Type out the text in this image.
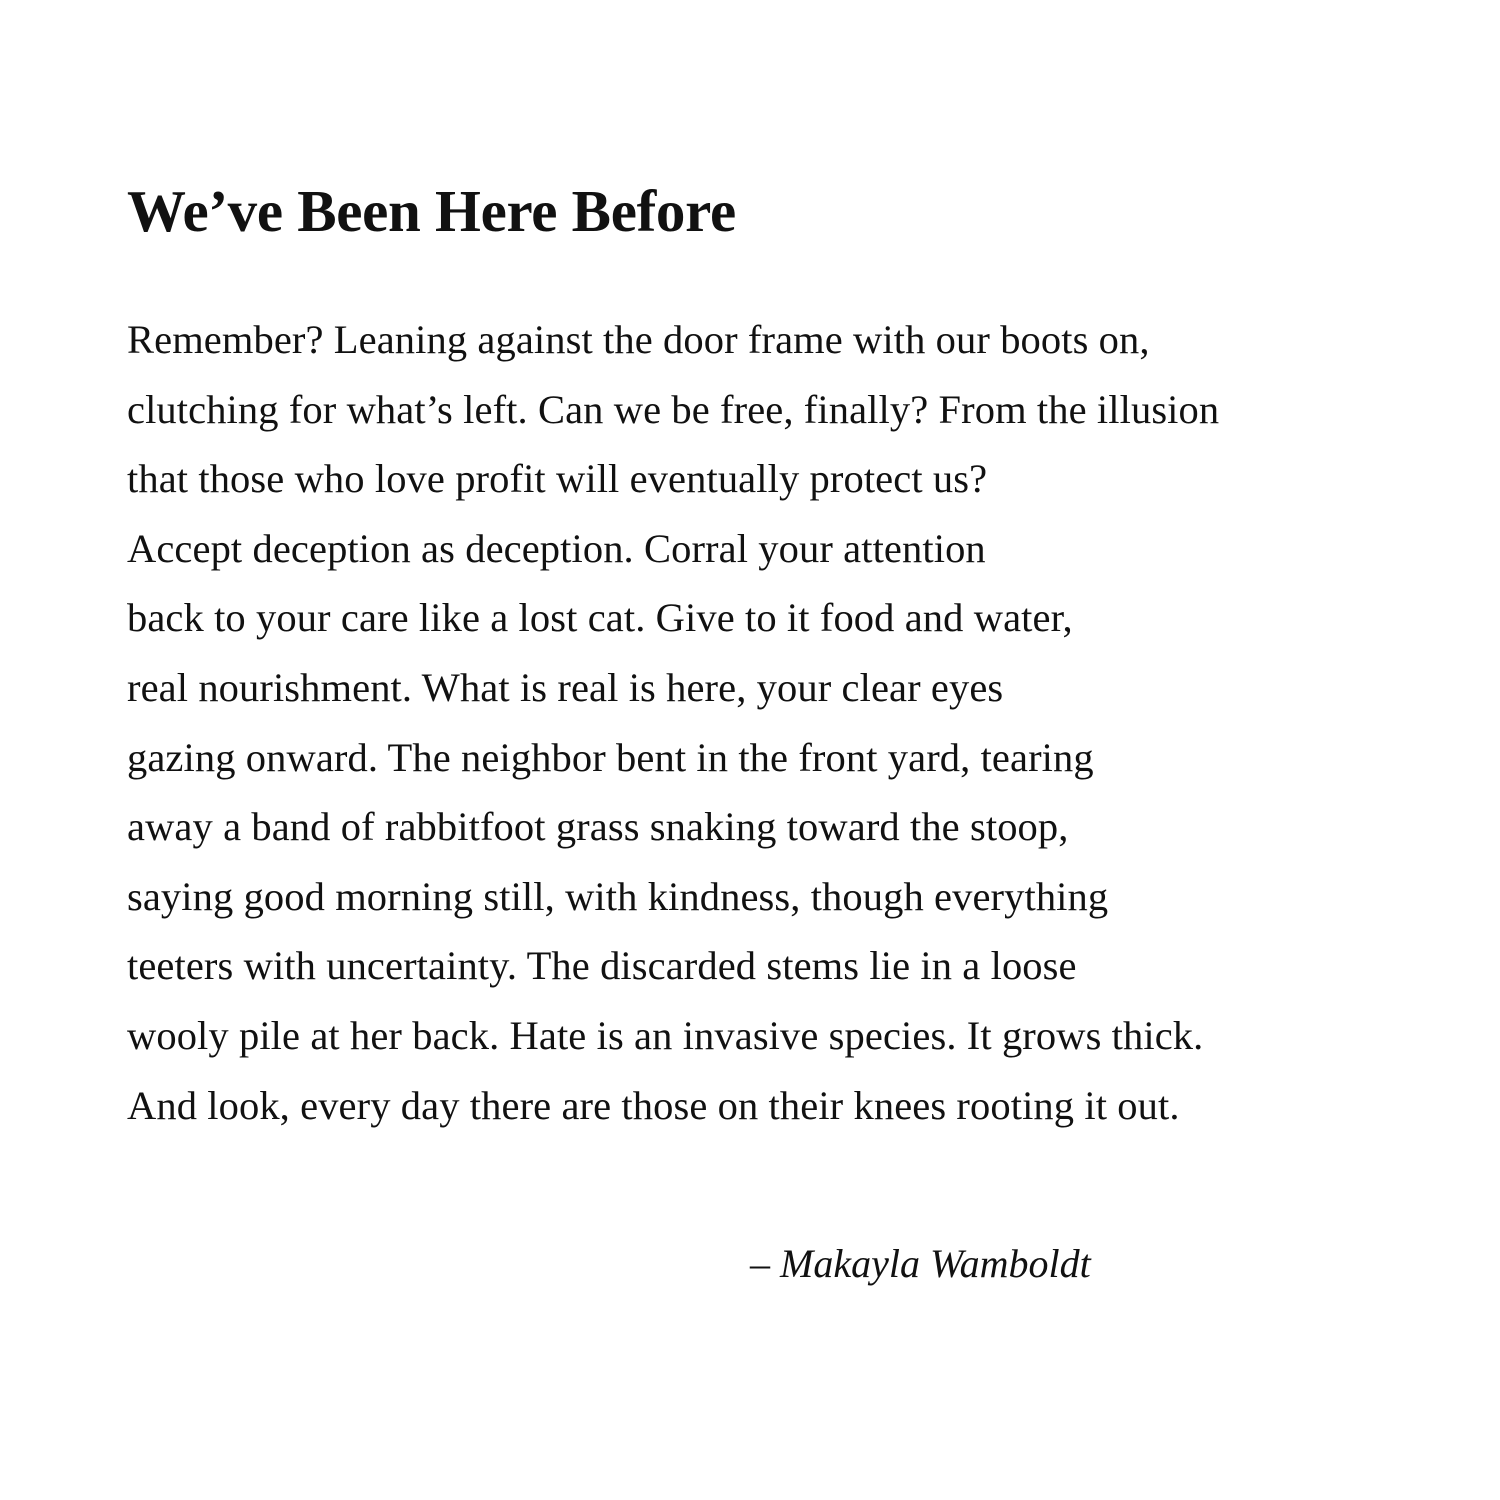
We’ve Been Here Before
Remember? Leaning against the door frame with our boots on,
clutching for what’s left. Can we be free, finally? From the illusion
that those who love profit will eventually protect us?
Accept deception as deception. Corral your attention
back to your care like a lost cat. Give to it food and water,
real nourishment. What is real is here, your clear eyes
gazing onward. The neighbor bent in the front yard, tearing
away a band of rabbitfoot grass snaking toward the stoop,
saying good morning still, with kindness, though everything
teeters with uncertainty. The discarded stems lie in a loose
wooly pile at her back. Hate is an invasive species. It grows thick.
And look, every day there are those on their knees rooting it out.

– Makayla Wamboldt
